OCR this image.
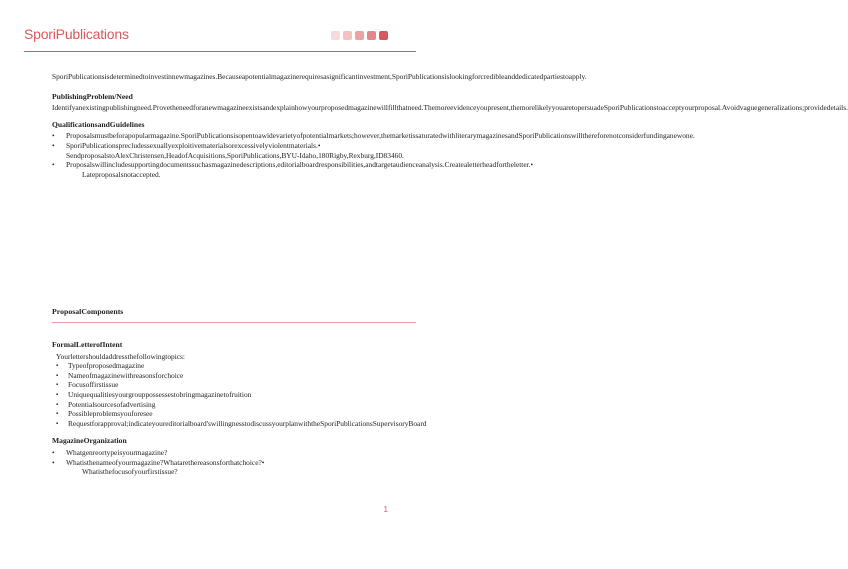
SporiPublications

SporiPublicationsisdeterminedtoinvestinnewmagazines.Becauseapotentialmagazinerequiresasignificantinvestment,SporiPublicationsislookingforcredibleanddedicatedpartiestoapply.

PublishingProblem/Need

Identifyanexistingpublishingneed.Provetheneedforanewmagazineexistsandexplainhowyourproposedmagazinewillfillthatneed.Themoreevidenceyoupresent,themorelikelyyouaretopersuadeSporiPublicationstoacceptyourproposal.Avoidvaguegeneralizations;providedetails.

QualificationsandGuidelines
• Proposalsmustbeforapopularmagazine.SporiPublicationsisopentoawidevarietyofpotentialmarkets;however,themarketissaturatedwithliterarymagazinesandSporiPublicationswillthereforenotconsiderfundinganewone.
• SporiPublicationsprecludessexuallyexploitivematerialsorexcessivelyviolentmaterials.• SendproposalstoAlexChristensen,HeadofAcquisitions,SporiPublications,BYU-Idaho,180Rigby,Rexburg,ID83460.
• Proposalswillincludesupportingdocumentssuchasmagazinedescriptions,editorialboardresponsibilities,andtargetaudienceanalysis.Createaletterheadfortheletter.•

Lateproposalsnotaccepted.

ProposalComponents
FormalLetterofIntent

Yourlettershouldaddressthefollowingtopics:

▪ Typeofproposedmagazine
▪ Nameofmagazinewithreasonsforchoice
▪ Focusoffirstissue
▪ Uniquequalitiesyourgrouppossessestobringmagazinetofruition
▪ Potentialsourcesofadvertising
▪ Possibleproblemsyouforesee
▪ Requestforapproval;indicateyoureditorialboard'swillingnesstodiscussyourplanwiththeSporiPublicationsSupervisoryBoard
MagazineOrganization
• Whatgenreortypeisyourmagazine?
• Whatisthenameofyourmagazine?Whatarethereasonsforthatchoice?•

Whatisthefocusofyourfirstissue?

1
